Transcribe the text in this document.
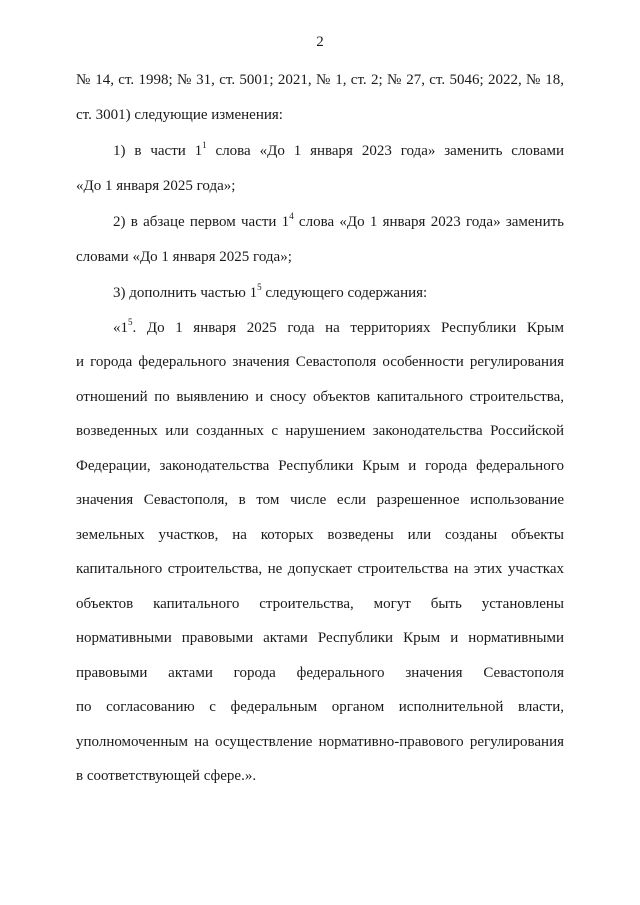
2
№ 14, ст. 1998; № 31, ст. 5001; 2021, № 1, ст. 2; № 27, ст. 5046; 2022, № 18,
ст. 3001) следующие изменения:
1) в части $1^1$ слова «До 1 января 2023 года» заменить словами
«До 1 января 2025 года»;
2) в абзаце первом части $1^4$ слова «До 1 января 2023 года» заменить
словами «До 1 января 2025 года»;
3) дополнить частью $1^5$ следующего содержания:
«$1^5$. До 1 января 2025 года на территориях Республики Крым
и города федерального значения Севастополя особенности регулирования
отношений по выявлению и сносу объектов капитального строительства,
возведенных или созданных с нарушением законодательства Российской
Федерации, законодательства Республики Крым и города федерального
значения Севастополя, в том числе если разрешенное использование
земельных участков, на которых возведены или созданы объекты
капитального строительства, не допускает строительства на этих участках
объектов капитального строительства, могут быть установлены
нормативными правовыми актами Республики Крым и нормативными
правовыми актами города федерального значения Севастополя
по согласованию с федеральным органом исполнительной власти,
уполномоченным на осуществление нормативно-правового регулирования
в соответствующей сфере.».
